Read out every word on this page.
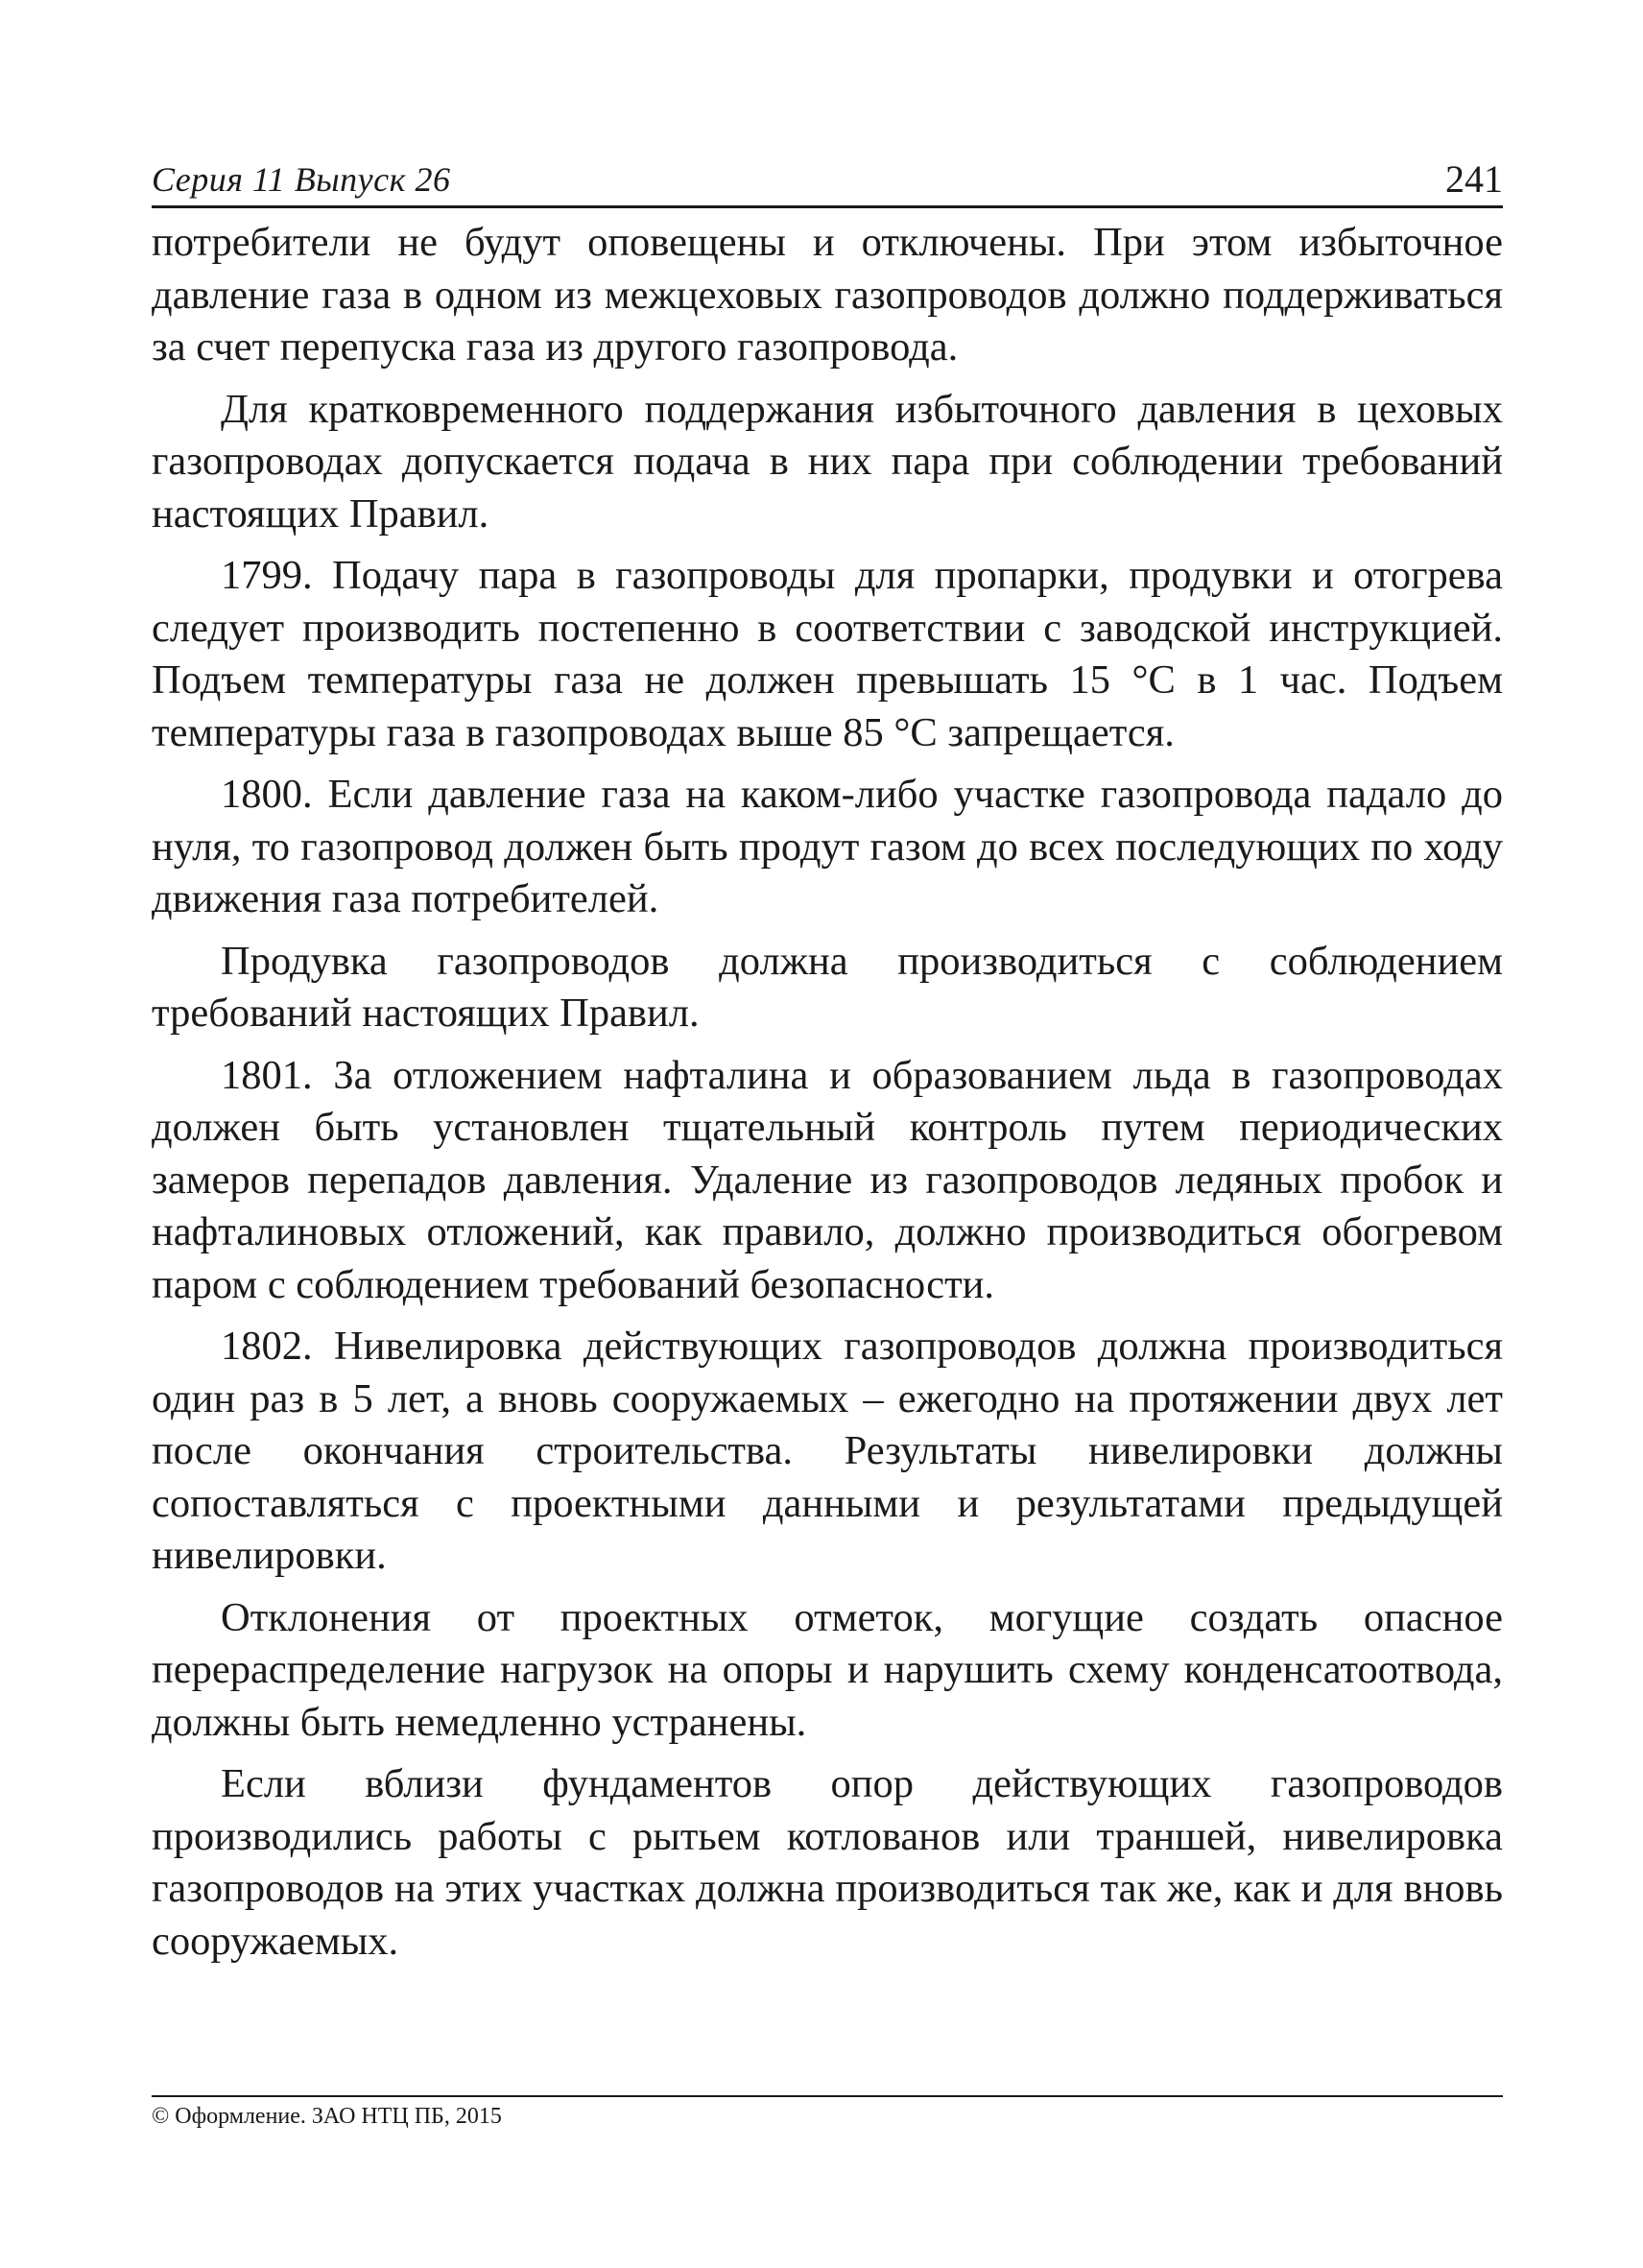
Серия 11 Выпуск 26	241

потребители не будут оповещены и отключены. При этом избыточное давление газа в одном из межцеховых газопроводов должно поддерживаться за счет перепуска газа из другого газопровода.

Для кратковременного поддержания избыточного давления в цеховых газопроводах допускается подача в них пара при соблюдении требований настоящих Правил.

1799. Подачу пара в газопроводы для пропарки, продувки и отогрева следует производить постепенно в соответствии с заводской инструкцией. Подъем температуры газа не должен превышать 15 °С в 1 час. Подъем температуры газа в газопроводах выше 85 °С запрещается.

1800. Если давление газа на каком-либо участке газопровода падало до нуля, то газопровод должен быть продут газом до всех последующих по ходу движения газа потребителей.

Продувка газопроводов должна производиться с соблюдением требований настоящих Правил.

1801. За отложением нафталина и образованием льда в газопроводах должен быть установлен тщательный контроль путем периодических замеров перепадов давления. Удаление из газопроводов ледяных пробок и нафталиновых отложений, как правило, должно производиться обогревом паром с соблюдением требований безопасности.

1802. Нивелировка действующих газопроводов должна производиться один раз в 5 лет, а вновь сооружаемых – ежегодно на протяжении двух лет после окончания строительства. Результаты нивелировки должны сопоставляться с проектными данными и результатами предыдущей нивелировки.

Отклонения от проектных отметок, могущие создать опасное перераспределение нагрузок на опоры и нарушить схему конденсатоотвода, должны быть немедленно устранены.

Если вблизи фундаментов опор действующих газопроводов производились работы с рытьем котлованов или траншей, нивелировка газопроводов на этих участках должна производиться так же, как и для вновь сооружаемых.

© Оформление. ЗАО НТЦ ПБ, 2015
